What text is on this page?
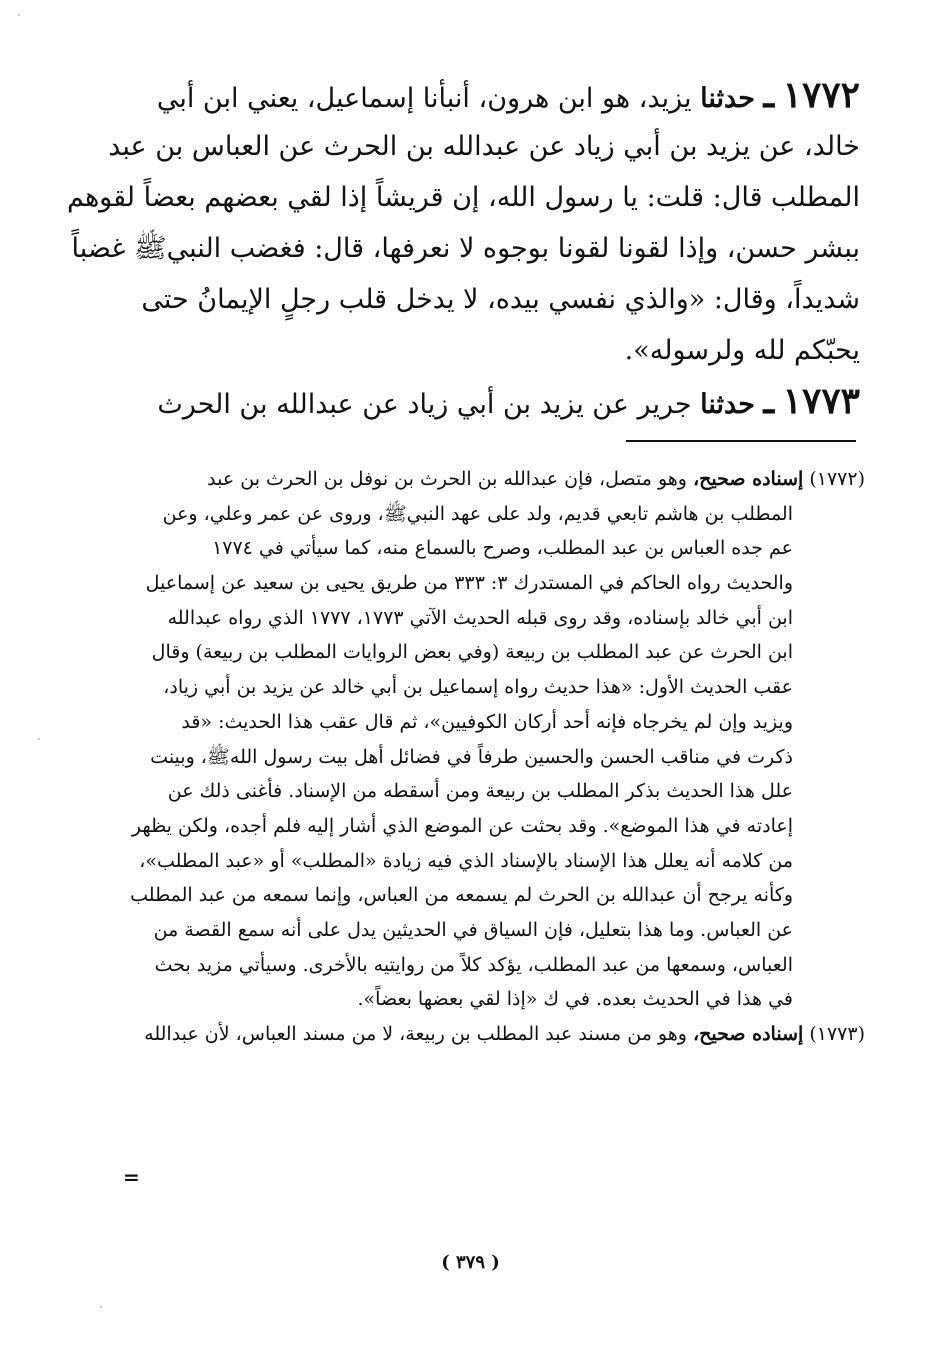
١٧٧٢ ـ حدثنا يزيد، هو ابن هرون، أنبأنا إسماعيل، يعني ابن أبي
خالد، عن يزيد بن أبي زياد عن عبدالله بن الحرث عن العباس بن عبد
المطلب قال: قلت: يا رسول الله، إن قريشاً إذا لقي بعضهم بعضاً لقوهم
ببشر حسن، وإذا لقونا لقونا بوجوه لا نعرفها، قال: فغضب النبيﷺ غضباً
شديداً، وقال: «والذي نفسي بيده، لا يدخل قلب رجلٍ الإيمانُ حتى
يحبّكم لله ولرسوله».
١٧٧٣ ـ حدثنا جرير عن يزيد بن أبي زياد عن عبدالله بن الحرث
(١٧٧٢) إسناده صحيح، وهو متصل، فإن عبدالله بن الحرث بن نوفل بن الحرث بن عبد
المطلب بن هاشم تابعي قديم، ولد على عهد النبيﷺ، وروى عن عمر وعلي، وعن
عم جده العباس بن عبد المطلب، وصرح بالسماع منه، كما سيأتي في ١٧٧٤
والحديث رواه الحاكم في المستدرك ٣: ٣٣٣ من طريق يحيى بن سعيد عن إسماعيل
ابن أبي خالد بإسناده، وقد روى قبله الحديث الآتي ١٧٧٣، ١٧٧٧ الذي رواه عبدالله
ابن الحرث عن عبد المطلب بن ربيعة (وفي بعض الروايات المطلب بن ربيعة) وقال
عقب الحديث الأول: «هذا حديث رواه إسماعيل بن أبي خالد عن يزيد بن أبي زياد،
ويزيد وإن لم يخرجاه فإنه أحد أركان الكوفيين»، ثم قال عقب هذا الحديث: «قد
ذكرت في مناقب الحسن والحسين طرفاً في فضائل أهل بيت رسول اللهﷺ، وبينت
علل هذا الحديث بذكر المطلب بن ربيعة ومن أسقطه من الإسناد. فأغنى ذلك عن
إعادته في هذا الموضع». وقد بحثت عن الموضع الذي أشار إليه فلم أجده، ولكن يظهر
من كلامه أنه يعلل هذا الإسناد بالإسناد الذي فيه زيادة «المطلب» أو «عبد المطلب»،
وكأنه يرجح أن عبدالله بن الحرث لم يسمعه من العباس، وإنما سمعه من عبد المطلب
عن العباس. وما هذا بتعليل، فإن السياق في الحديثين يدل على أنه سمع القصة من
العباس، وسمعها من عبد المطلب، يؤكد كلاً من روايتيه بالأخرى. وسيأتي مزيد بحث
في هذا في الحديث بعده. في ك «إذا لقي بعضها بعضاً».
(١٧٧٣) إسناده صحيح، وهو من مسند عبد المطلب بن ربيعة، لا من مسند العباس، لأن عبدالله
=
( ٣٧٩ )
